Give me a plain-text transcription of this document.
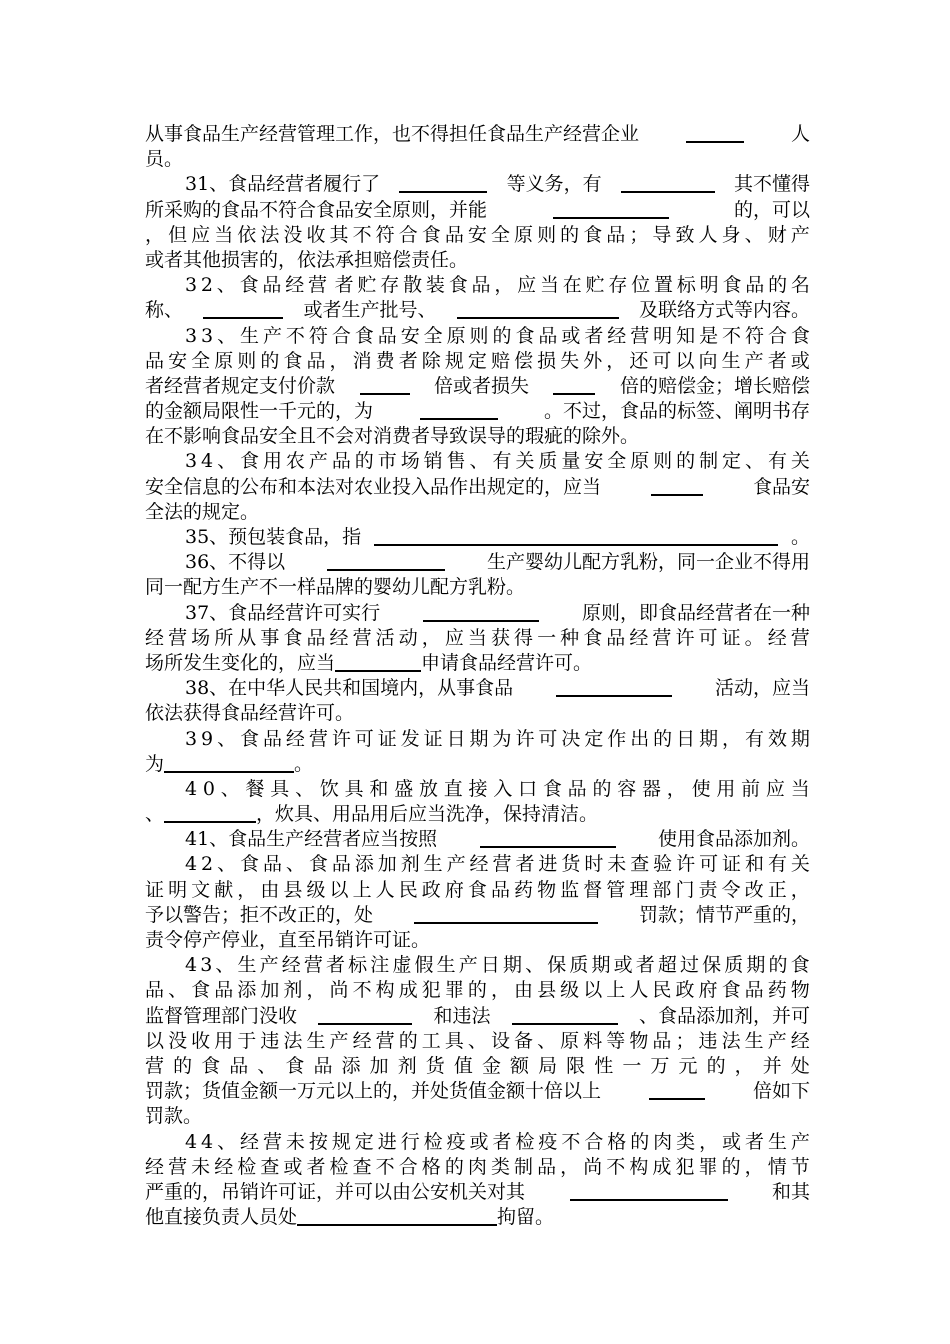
从事食品生产经营管理工作，也不得担任食品生产经营企业	人
员。
31、食品经营者履行了	等义务，有	其不懂得
所采购的食品不符合食品安全原则，并能	的，可以
， 但 应 当 依 法 没 收 其 不 符 合 食 品 安 全 原 则 的 食 品 ； 导 致 人 身 、 财 产
或者其他损害的，依法承担赔偿责任。
3 2 、 食 品 经 营 者 贮 存 散 装 食 品 ， 应 当 在 贮 存 位 置 标 明 食 品 的 名
称、	或者生产批号、	及联络方式等内容。
3 3 、 生 产 不 符 合 食 品 安 全 原 则 的 食 品 或 者 经 营 明 知 是 不 符 合 食
品 安 全 原 则 的 食 品 ， 消 费 者 除 规 定 赔 偿 损 失 外 ， 还 可 以 向 生 产 者 或
者经营者规定支付价款	倍或者损失	倍的赔偿金；增长赔偿
的金额局限性一千元的，为	。不过，食品的标签、阐明书存
在不影响食品安全且不会对消费者导致误导的瑕疵的除外。
3 4 、 食 用 农 产 品 的 市 场 销 售 、 有 关 质 量 安 全 原 则 的 制 定 、 有 关
安全信息的公布和本法对农业投入品作出规定的，应当	食品安
全法的规定。
35、预包装食品，指	。
36、不得以	生产婴幼儿配方乳粉，同一企业不得用
同一配方生产不一样品牌的婴幼儿配方乳粉。
37、食品经营许可实行	原则，即食品经营者在一种
经 营 场 所 从 事 食 品 经 营 活 动 ， 应 当 获 得 一 种 食 品 经 营 许 可 证 。 经 营
场所发生变化的，应当	申请食品经营许可。
38、在中华人民共和国境内，从事食品	活动，应当
依法获得食品经营许可。
3 9 、 食 品 经 营 许 可 证 发 证 日 期 为 许 可 决 定 作 出 的 日 期 ， 有 效 期
为	。
4 0 、 餐 具 、 饮 具 和 盛 放 直 接 入 口 食 品 的 容 器 ， 使 用 前 应 当
、	，炊具、用品用后应当洗净，保持清洁。
41、食品生产经营者应当按照	使用食品添加剂。
4 2 、 食 品 、 食 品 添 加 剂 生 产 经 营 者 进 货 时 未 查 验 许 可 证 和 有 关
证 明 文 献 ， 由 县 级 以 上 人 民 政 府 食 品 药 物 监 督 管 理 部 门 责 令 改 正 ，
予以警告；拒不改正的，处	罚款；情节严重的，
责令停产停业，直至吊销许可证。
4 3 、 生 产 经 营 者 标 注 虚 假 生 产 日 期 、 保 质 期 或 者 超 过 保 质 期 的 食
品 、 食 品 添 加 剂 ， 尚 不 构 成 犯 罪 的 ， 由 县 级 以 上 人 民 政 府 食 品 药 物
监督管理部门没收	和违法	、食品添加剂，并可
以 没 收 用 于 违 法 生 产 经 营 的 工 具 、 设 备 、 原 料 等 物 品 ； 违 法 生 产 经
营 的 食 品 、 食 品 添 加 剂 货 值 金 额 局 限 性 一 万 元 的 ， 并 处
罚款；货值金额一万元以上的，并处货值金额十倍以上	倍如下
罚款。
4 4 、 经 营 未 按 规 定 进 行 检 疫 或 者 检 疫 不 合 格 的 肉 类 ， 或 者 生 产
经 营 未 经 检 查 或 者 检 查 不 合 格 的 肉 类 制 品 ， 尚 不 构 成 犯 罪 的 ， 情 节
严重的，吊销许可证，并可以由公安机关对其	和其
他直接负责人员处	拘留。
